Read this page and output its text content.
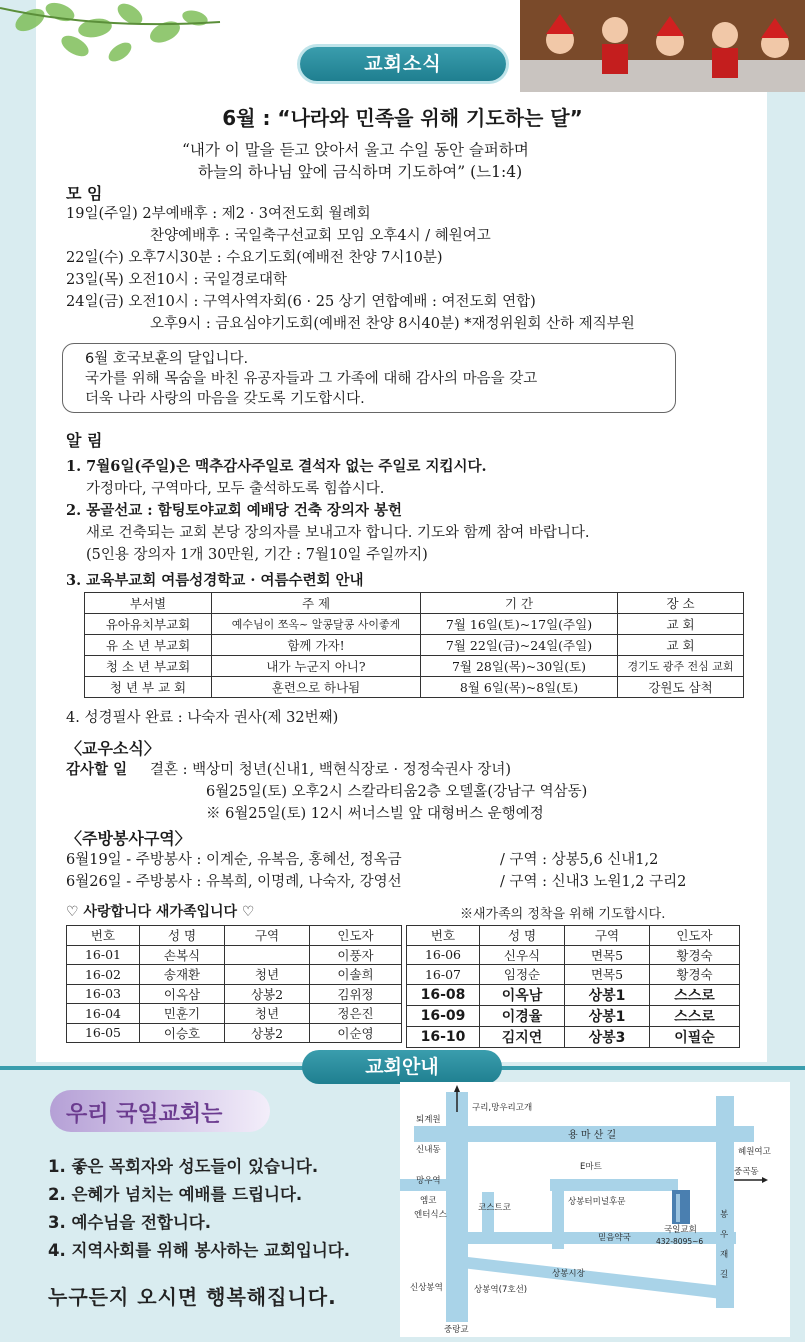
교회소식
6월 : “나라와 민족을 위해 기도하는 달”
“내가 이 말을 듣고 앉아서 울고 수일 동안 슬퍼하며
하늘의 하나님 앞에 금식하며 기도하여” (느1:4)
모 임
19일(주일) 2부예배후 : 제2 · 3여전도회 월례회
찬양예배후 : 국일축구선교회 모임 오후4시 / 혜원여고
22일(수) 오후7시30분 : 수요기도회(예배전 찬양 7시10분)
23일(목) 오전10시 : 국일경로대학
24일(금) 오전10시 : 구역사역자회(6 · 25 상기 연합예배 : 여전도회 연합)
오후9시 : 금요심야기도회(예배전 찬양 8시40분) *재정위원회 산하 제직부원
6월 호국보훈의 달입니다.
국가를 위해 목숨을 바친 유공자들과 그 가족에 대해 감사의 마음을 갖고
더욱 나라 사랑의 마음을 갖도록 기도합시다.
알 림
1. 7월6일(주일)은 맥추감사주일로 결석자 없는 주일로 지킵시다.
가정마다, 구역마다, 모두 출석하도록 힘씁시다.
2. 몽골선교 : 함팅토야교회 예배당 건축 장의자 봉헌
새로 건축되는 교회 본당 장의자를 보내고자 합니다. 기도와 함께 참여 바랍니다.
(5인용 장의자 1개 30만원, 기간 : 7월10일 주일까지)
3. 교육부교회 여름성경학교 · 여름수련회 안내
부서별	주 제	기 간	장 소
유아유치부교회	예수님이 쪼옥~ 알콩달콩 사이좋게	7월 16일(토)~17일(주일)	교 회
유 소 년 부교회	함께 가자!	7월 22일(금)~24일(주일)	교 회
청 소 년 부교회	내가 누군지 아니?	7월 28일(목)~30일(토)	경기도 광주 전심 교회
청 년 부 교 회	훈련으로 하나됨	8월 6일(목)~8일(토)	강원도 삼척
4. 성경필사 완료 : 나숙자 권사(제 32번째)
〈교우소식〉
감사할 일 결혼 : 백상미 청년(신내1, 백현식장로 · 정정숙권사 장녀)
6월25일(토) 오후2시 스칼라티움2층 오델홀(강남구 역삼동)
※ 6월25일(토) 12시 써너스빌 앞 대형버스 운행예정
〈주방봉사구역〉
6월19일 - 주방봉사 : 이계순, 유복음, 홍혜선, 정옥금	/ 구역 : 상봉5,6 신내1,2
6월26일 - 주방봉사 : 유복희, 이명례, 나숙자, 강영선	/ 구역 : 신내3 노원1,2 구리2
♡ 사랑합니다 새가족입니다 ♡	※새가족의 정착을 위해 기도합시다.
번호	성 명	구역	인도자
16-01	손복식		이풍자
16-02	송재환	청년	이솔희
16-03	이옥삼	상봉2	김위정
16-04	민훈기	청년	정은진
16-05	이승호	상봉2	이순영
번호	성 명	구역	인도자
16-06	신우식	면목5	황경숙
16-07	임정순	면목5	황경숙
16-08	이옥남	상봉1	스스로
16-09	이경율	상봉1	스스로
16-10	김지연	상봉3	이필순
교회안내
우리 국일교회는
1. 좋은 목회자와 성도들이 있습니다.
2. 은혜가 넘치는 예배를 드립니다.
3. 예수님을 전합니다.
4. 지역사회를 위해 봉사하는 교회입니다.
누구든지 오시면 행복해집니다.
구리,망우리고개
용 마 산 길
퇴계원
신내동
망우역
엠코
엔터식스
신상봉역
중랑교
E마트
코스트코
상봉터미널후문
믿음약국
국일교회
432-8095~6
상봉역(7호선)
상봉시장
혜원여고
중곡동
봉
우
재
길
